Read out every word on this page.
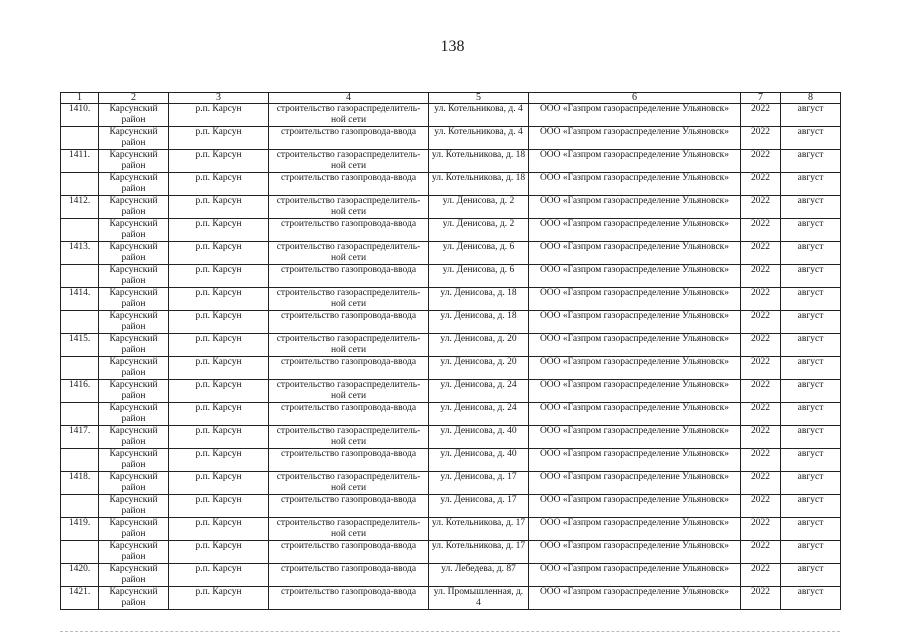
138
1	2	3	4	5	6	7	8
1410.	Карсунский район	р.п. Карсун	строительство газораспределитель-ной сети	ул. Котельникова, д. 4	ООО «Газпром газораспределение Ульяновск»	2022	август
	Карсунский район	р.п. Карсун	строительство газопровода-ввода	ул. Котельникова, д. 4	ООО «Газпром газораспределение Ульяновск»	2022	август
1411.	Карсунский район	р.п. Карсун	строительство газораспределитель-ной сети	ул. Котельникова, д. 18	ООО «Газпром газораспределение Ульяновск»	2022	август
	Карсунский район	р.п. Карсун	строительство газопровода-ввода	ул. Котельникова, д. 18	ООО «Газпром газораспределение Ульяновск»	2022	август
1412.	Карсунский район	р.п. Карсун	строительство газораспределитель-ной сети	ул. Денисова, д. 2	ООО «Газпром газораспределение Ульяновск»	2022	август
	Карсунский район	р.п. Карсун	строительство газопровода-ввода	ул. Денисова, д. 2	ООО «Газпром газораспределение Ульяновск»	2022	август
1413.	Карсунский район	р.п. Карсун	строительство газораспределитель-ной сети	ул. Денисова, д. 6	ООО «Газпром газораспределение Ульяновск»	2022	август
	Карсунский район	р.п. Карсун	строительство газопровода-ввода	ул. Денисова, д. 6	ООО «Газпром газораспределение Ульяновск»	2022	август
1414.	Карсунский район	р.п. Карсун	строительство газораспределитель-ной сети	ул. Денисова, д. 18	ООО «Газпром газораспределение Ульяновск»	2022	август
	Карсунский район	р.п. Карсун	строительство газопровода-ввода	ул. Денисова, д. 18	ООО «Газпром газораспределение Ульяновск»	2022	август
1415.	Карсунский район	р.п. Карсун	строительство газораспределитель-ной сети	ул. Денисова, д. 20	ООО «Газпром газораспределение Ульяновск»	2022	август
	Карсунский район	р.п. Карсун	строительство газопровода-ввода	ул. Денисова, д. 20	ООО «Газпром газораспределение Ульяновск»	2022	август
1416.	Карсунский район	р.п. Карсун	строительство газораспределитель-ной сети	ул. Денисова, д. 24	ООО «Газпром газораспределение Ульяновск»	2022	август
	Карсунский район	р.п. Карсун	строительство газопровода-ввода	ул. Денисова, д. 24	ООО «Газпром газораспределение Ульяновск»	2022	август
1417.	Карсунский район	р.п. Карсун	строительство газораспределитель-ной сети	ул. Денисова, д. 40	ООО «Газпром газораспределение Ульяновск»	2022	август
	Карсунский район	р.п. Карсун	строительство газопровода-ввода	ул. Денисова, д. 40	ООО «Газпром газораспределение Ульяновск»	2022	август
1418.	Карсунский район	р.п. Карсун	строительство газораспределитель-ной сети	ул. Денисова, д. 17	ООО «Газпром газораспределение Ульяновск»	2022	август
	Карсунский район	р.п. Карсун	строительство газопровода-ввода	ул. Денисова, д. 17	ООО «Газпром газораспределение Ульяновск»	2022	август
1419.	Карсунский район	р.п. Карсун	строительство газораспределитель-ной сети	ул. Котельникова, д. 17	ООО «Газпром газораспределение Ульяновск»	2022	август
	Карсунский район	р.п. Карсун	строительство газопровода-ввода	ул. Котельникова, д. 17	ООО «Газпром газораспределение Ульяновск»	2022	август
1420.	Карсунский район	р.п. Карсун	строительство газопровода-ввода	ул. Лебедева, д. 87	ООО «Газпром газораспределение Ульяновск»	2022	август
1421.	Карсунский район	р.п. Карсун	строительство газопровода-ввода	ул. Промышленная, д. 4	ООО «Газпром газораспределение Ульяновск»	2022	август
